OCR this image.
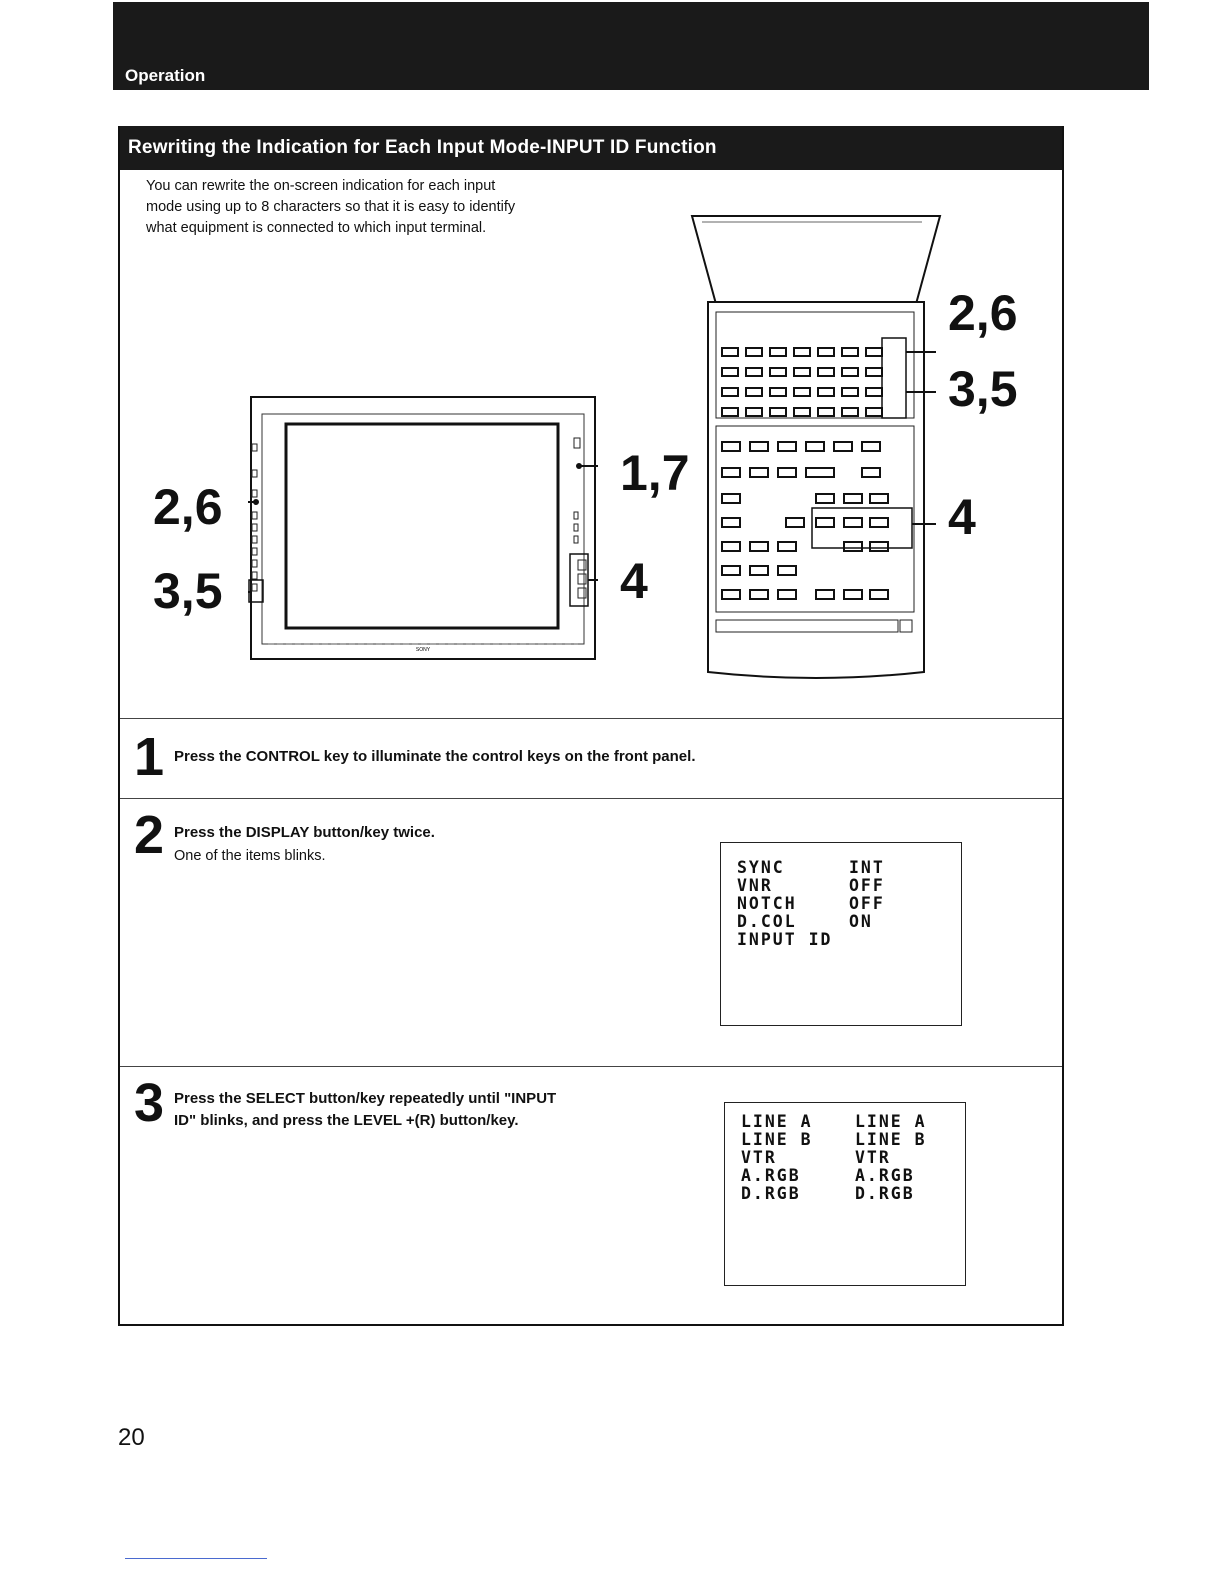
Operation
Rewriting the Indication for Each Input Mode-INPUT ID Function
You can rewrite the on-screen indication for each input
mode using up to 8 characters so that it is easy to identify
what equipment is connected to which input terminal.
SONY
2,6
3,5
1,7
4
2,6
3,5
4
1 Press the CONTROL key to illuminate the control keys on the front panel.
2 Press the DISPLAY button/key twice.
One of the items blinks.
SYNC
VNR
NOTCH
D.COL
INPUT ID
INT
OFF
OFF
ON
3 Press the SELECT button/key repeatedly until "INPUT
ID" blinks, and press the LEVEL +(R) button/key.	LINE A
LINE B
VTR
A.RGB
D.RGB
LINE A
LINE B
VTR
A.RGB
D.RGB
20
